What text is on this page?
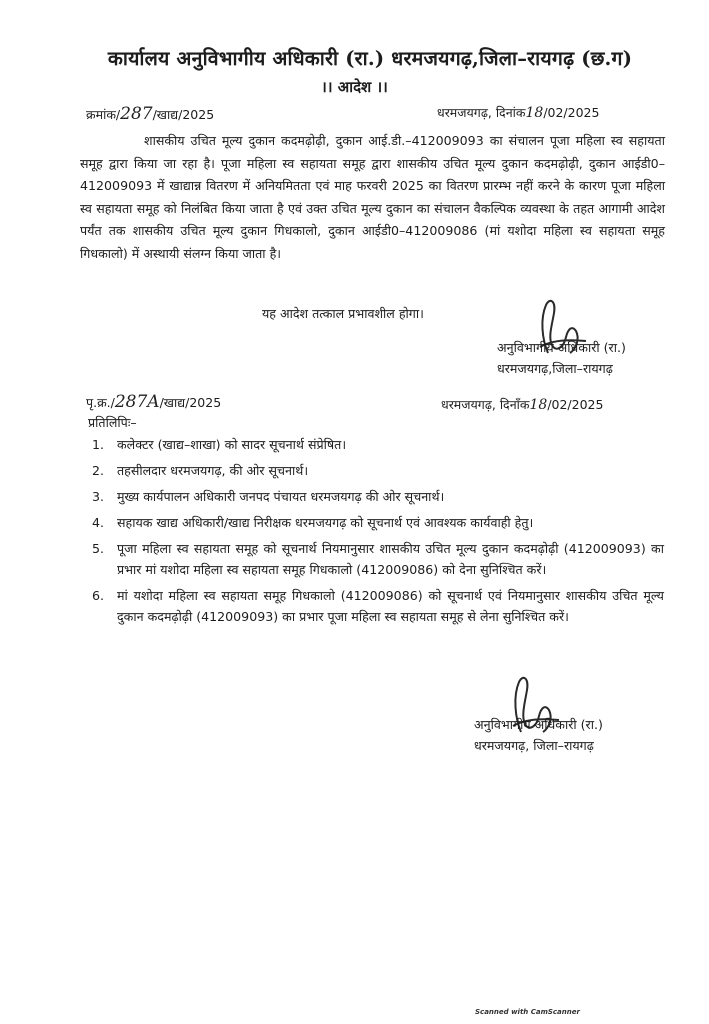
कार्यालय अनुविभागीय अधिकारी (रा.) धरमजयगढ़,जिला–रायगढ़ (छ.ग)
।। आदेश ।।
क्रमांक/287/खाद्य/2025	धरमजयगढ़, दिनांक18/02/2025
शासकीय उचित मूल्य दुकान कदमढ़ोढ़ी, दुकान आई.डी.–412009093 का संचालन पूजा महिला स्व सहायता समूह द्वारा किया जा रहा है। पूजा महिला स्व सहायता समूह द्वारा शासकीय उचित मूल्य दुकान कदमढ़ोढ़ी, दुकान आईडी0–412009093 में खाद्यान्न वितरण में अनियमितता एवं माह फरवरी 2025 का वितरण प्रारम्भ नहीं करने के कारण पूजा महिला स्व सहायता समूह को निलंबित किया जाता है एवं उक्त उचित मूल्य दुकान का संचालन वैकल्पिक व्यवस्था के तहत आगामी आदेश पर्यंत तक शासकीय उचित मूल्य दुकान गिधकालो, दुकान आईडी0–412009086 (मां यशोदा महिला स्व सहायता समूह गिधकालो) में अस्थायी संलग्न किया जाता है।
यह आदेश तत्काल प्रभावशील होगा।
अनुविभागीय अधिकारी (रा.)
धरमजयगढ़,जिला–रायगढ़
पृ.क्र./287A/खाद्य/2025	धरमजयगढ़, दिनाँक18/02/2025
प्रतिलिपिः–
1. कलेक्टर (खाद्य–शाखा) को सादर सूचनार्थ संप्रेषित।
2. तहसीलदार धरमजयगढ़, की ओर सूचनार्थ।
3. मुख्य कार्यपालन अधिकारी जनपद पंचायत धरमजयगढ़ की ओर सूचनार्थ।
4. सहायक खाद्य अधिकारी/खाद्य निरीक्षक धरमजयगढ़ को सूचनार्थ एवं आवश्यक कार्यवाही हेतु।
5. पूजा महिला स्व सहायता समूह को सूचनार्थ नियमानुसार शासकीय उचित मूल्य दुकान कदमढ़ोढ़ी (412009093) का प्रभार मां यशोदा महिला स्व सहायता समूह गिधकालो (412009086) को देना सुनिश्चित करें।
6. मां यशोदा महिला स्व सहायता समूह गिधकालो (412009086) को सूचनार्थ एवं नियमानुसार शासकीय उचित मूल्य दुकान कदमढ़ोढ़ी (412009093) का प्रभार पूजा महिला स्व सहायता समूह से लेना सुनिश्चित करें।
अनुविभागीय अधिकारी (रा.)
धरमजयगढ़, जिला–रायगढ़
Scanned with CamScanner
